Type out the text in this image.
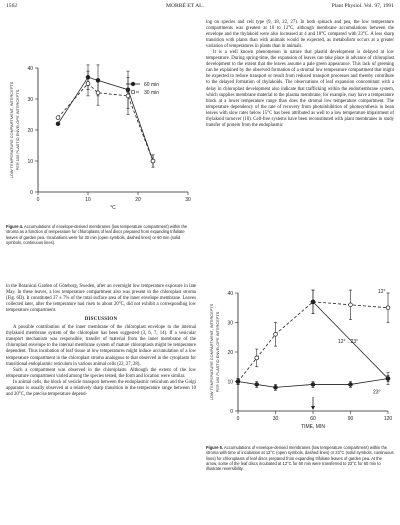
1562	MORRÉ ET AL.	Plant Physiol. Vol. 97, 1991
0	10	20	30
0
10
20
30
40
LOW TEMPERATURE COMPARTMENT, INTERCEPTS PER 100 PLASTID ENVELOPE INTERCEPTS
°C
60 min
30 min
Figure 4. Accumulations of envelope-derived membranes (low temperature compartment) within the stroma as a function of temperature for chloroplasts of leaf discs prepared from expanding trifoliate leaves of garden pea. Incubations were for 30 min (open symbols, dashed lines) or 60 min (solid symbols, continuous lines).

ing on species and cell type (9, 18, 22, 27). In both spinach and pea, the low temperature compartments was greatest at 10 to 12°C, although membrane accumulations between the envelope and the thylakoid were also increased at 4 and 18°C compared with 23°C. A less sharp transition with plants than with animals would be expected, as metabolism occurs at a greater variation of temperatures in plants than in animals.

It is a well known phenomenon in nature that plastid development is delayed at low temperature. During spring-time, the expansion of leaves can take place in advance of chloroplast development to the extent that the leaves assume a pale green appearance. This lack of greening can be explained by the observed formation of a stromal low temperature compartment that might be expected to reduce transport or result from reduced transport processes and thereby contribute to the delayed formation of thylakoids. The observations of leaf expansion concomitant with a delay in chloroplast development also indicate that trafficking within the endomembrane system, which supplies membrane material to the plasma membrane, for example, may have a temperature block at a lower temperature range than does the stromal low temperature compartment. The temperature dependency of the rate of recovery from photoinhibition of photosynthesis in bean leaves with slow rates below 15°C has been attributed as well to a low temperature impairment of thylakoid turnover (10). Cell-free systems have been reconstituted with plant membranes to study transfer of protein from the endoplasmic

in the Botanical Garden of Göteborg, Sweden, after an overnight low temperature exposure in late May. In these leaves, a low temperature compartment also was present in the chloroplast stroma (Fig. 6D). It constituted 37 ± 7% of the total surface area of the inner envelope membrane. Leaves collected later, after the temperature had risen to about 20°C, did not exhibit a corresponding low temperature compartment.

DISCUSSION

A possible contribution of the inner membrane of the chloroplast envelope to the internal thylakoid membrane system of the chloroplast has been suggested (3, 6, 7, 14). If a vesicular transport mechanism was responsible, transfer of material from the inner membrane of the chloroplast envelope to the internal membrane system of mature chloroplasts might be temperature dependent. Thus incubation of leaf tissue at low temperatures might induce accumulation of a low temperature compartment in the chloroplast stroma analogous to that observed in the cytoplasm for transitional endoplasmic reticulum in various animal cells (22, 27, 28).

Such a compartment was observed in the chloroplasts. Although the extent of the low temperature compartment varied among the species tested, the form and location were similar.

In animal cells, the block of vesicle transport between the endoplasmic reticulum and the Golgi apparatus is usually observed at a relatively sharp transition in the temperature range between 10 and 20°C, the precise temperature depend-

0	30	60	90	120
0
10
20
30
40
LOW TEMPERATURE COMPARTMENT, INTERCEPTS PER 100 PLASTID ENVELOPE INTERCEPTS
TIME, MIN
12°
12°→23°
23°
Figure 5. Accumulations of envelope-derived membranes (low temperature compartment) within the stroma with time of incubation at 12°C (open symbols, dashed lines) or 23°C (solid symbols, continuous lines) for chloroplasts of leaf discs prepared from expanding trifoliate leaves of garden pea. At the arrow, some of the leaf discs incubated at 12°C for 60 min were transferred to 23°C for 60 min to illustrate reversibility.
